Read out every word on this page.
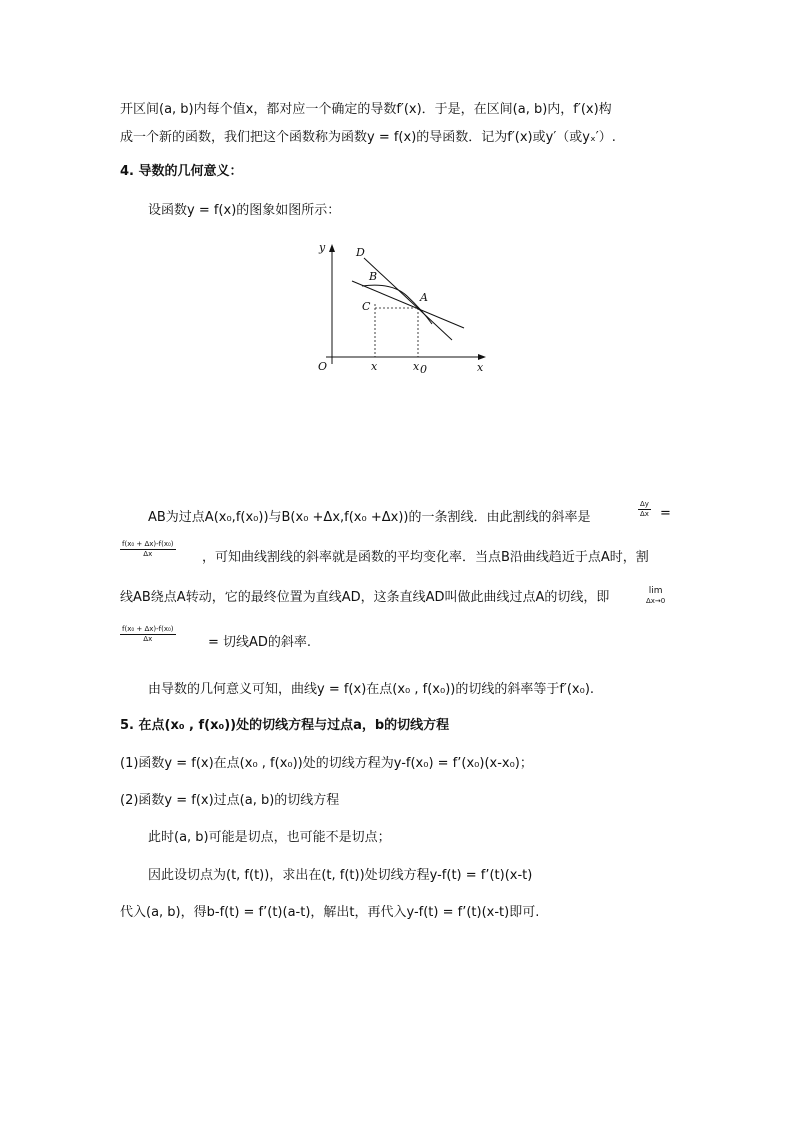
开区间(a, b)内每个值x，都对应一个确定的导数f′(x)．于是，在区间(a, b)内，f′(x)构
成一个新的函数，我们把这个函数称为函数y = f(x)的导函数．记为f′(x)或y′（或yₓ′）.
4. 导数的几何意义：
设函数y = f(x)的图象如图所示：
y
x
O
D
B
C
A
x	x 0
AB为过点A(x₀,f(x₀))与B(x₀ +Δx,f(x₀ +Δx))的一条割线．由此割线的斜率是	$\frac{\Delta y}{\Delta x}$ =
$\frac{\text{f(x₀ + Δx)-f(x₀)}}{\Delta x}$ ，可知曲线割线的斜率就是函数的平均变化率．当点B沿曲线趋近于点A时，割
线AB绕点A转动，它的最终位置为直线AD，这条直线AD叫做此曲线过点A的切线，即	lim
Δx→0
$\frac{\text{f(x₀ + Δx)-f(x₀)}}{\Delta x}$ = 切线AD的斜率.
由导数的几何意义可知，曲线y = f(x)在点(x₀ , f(x₀))的切线的斜率等于f′(x₀).
5. 在点(x₀ , f(x₀))处的切线方程与过点a，b的切线方程
(1)函数y = f(x)在点(x₀ , f(x₀))处的切线方程为y-f(x₀) = f’(x₀)(x-x₀)；
(2)函数y = f(x)过点(a, b)的切线方程
此时(a, b)可能是切点，也可能不是切点；
因此设切点为(t, f(t))，求出在(t, f(t))处切线方程y-f(t) = f’(t)(x-t)
代入(a, b)，得b-f(t) = f’(t)(a-t)，解出t，再代入y-f(t) = f’(t)(x-t)即可.
